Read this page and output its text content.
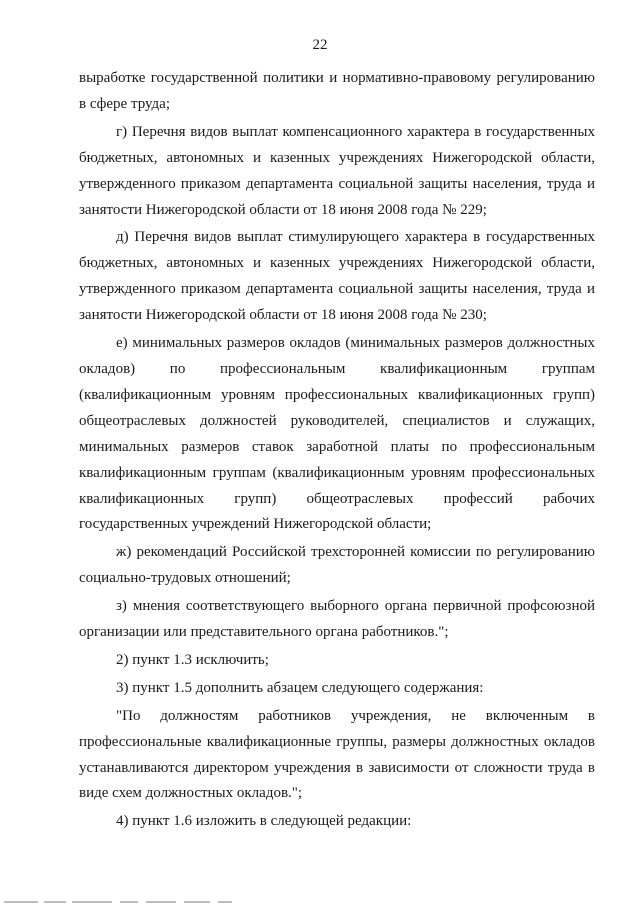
22

выработке государственной политики и нормативно-правовому регулированию в сфере труда;

г) Перечня видов выплат компенсационного характера в государственных бюджетных, автономных и казенных учреждениях Нижегородской области, утвержденного приказом департамента социальной защиты населения, труда и занятости Нижегородской области от 18 июня 2008 года № 229;

д) Перечня видов выплат стимулирующего характера в государственных бюджетных, автономных и казенных учреждениях Нижегородской области, утвержденного приказом департамента социальной защиты населения, труда и занятости Нижегородской области от 18 июня 2008 года № 230;

е) минимальных размеров окладов (минимальных размеров должностных окладов) по профессиональным квалификационным группам (квалификационным уровням профессиональных квалификационных групп) общеотраслевых должностей руководителей, специалистов и служащих, минимальных размеров ставок заработной платы по профессиональным квалификационным группам (квалификационным уровням профессиональных квалификационных групп) общеотраслевых профессий рабочих государственных учреждений Нижегородской области;

ж) рекомендаций Российской трехсторонней комиссии по регулированию социально-трудовых отношений;

з) мнения соответствующего выборного органа первичной профсоюзной организации или представительного органа работников.";

2) пункт 1.3 исключить;

3) пункт 1.5 дополнить абзацем следующего содержания:

"По должностям работников учреждения, не включенным в профессиональные квалификационные группы, размеры должностных окладов устанавливаются директором учреждения в зависимости от сложности труда в виде схем должностных окладов.";

4) пункт 1.6 изложить в следующей редакции:
